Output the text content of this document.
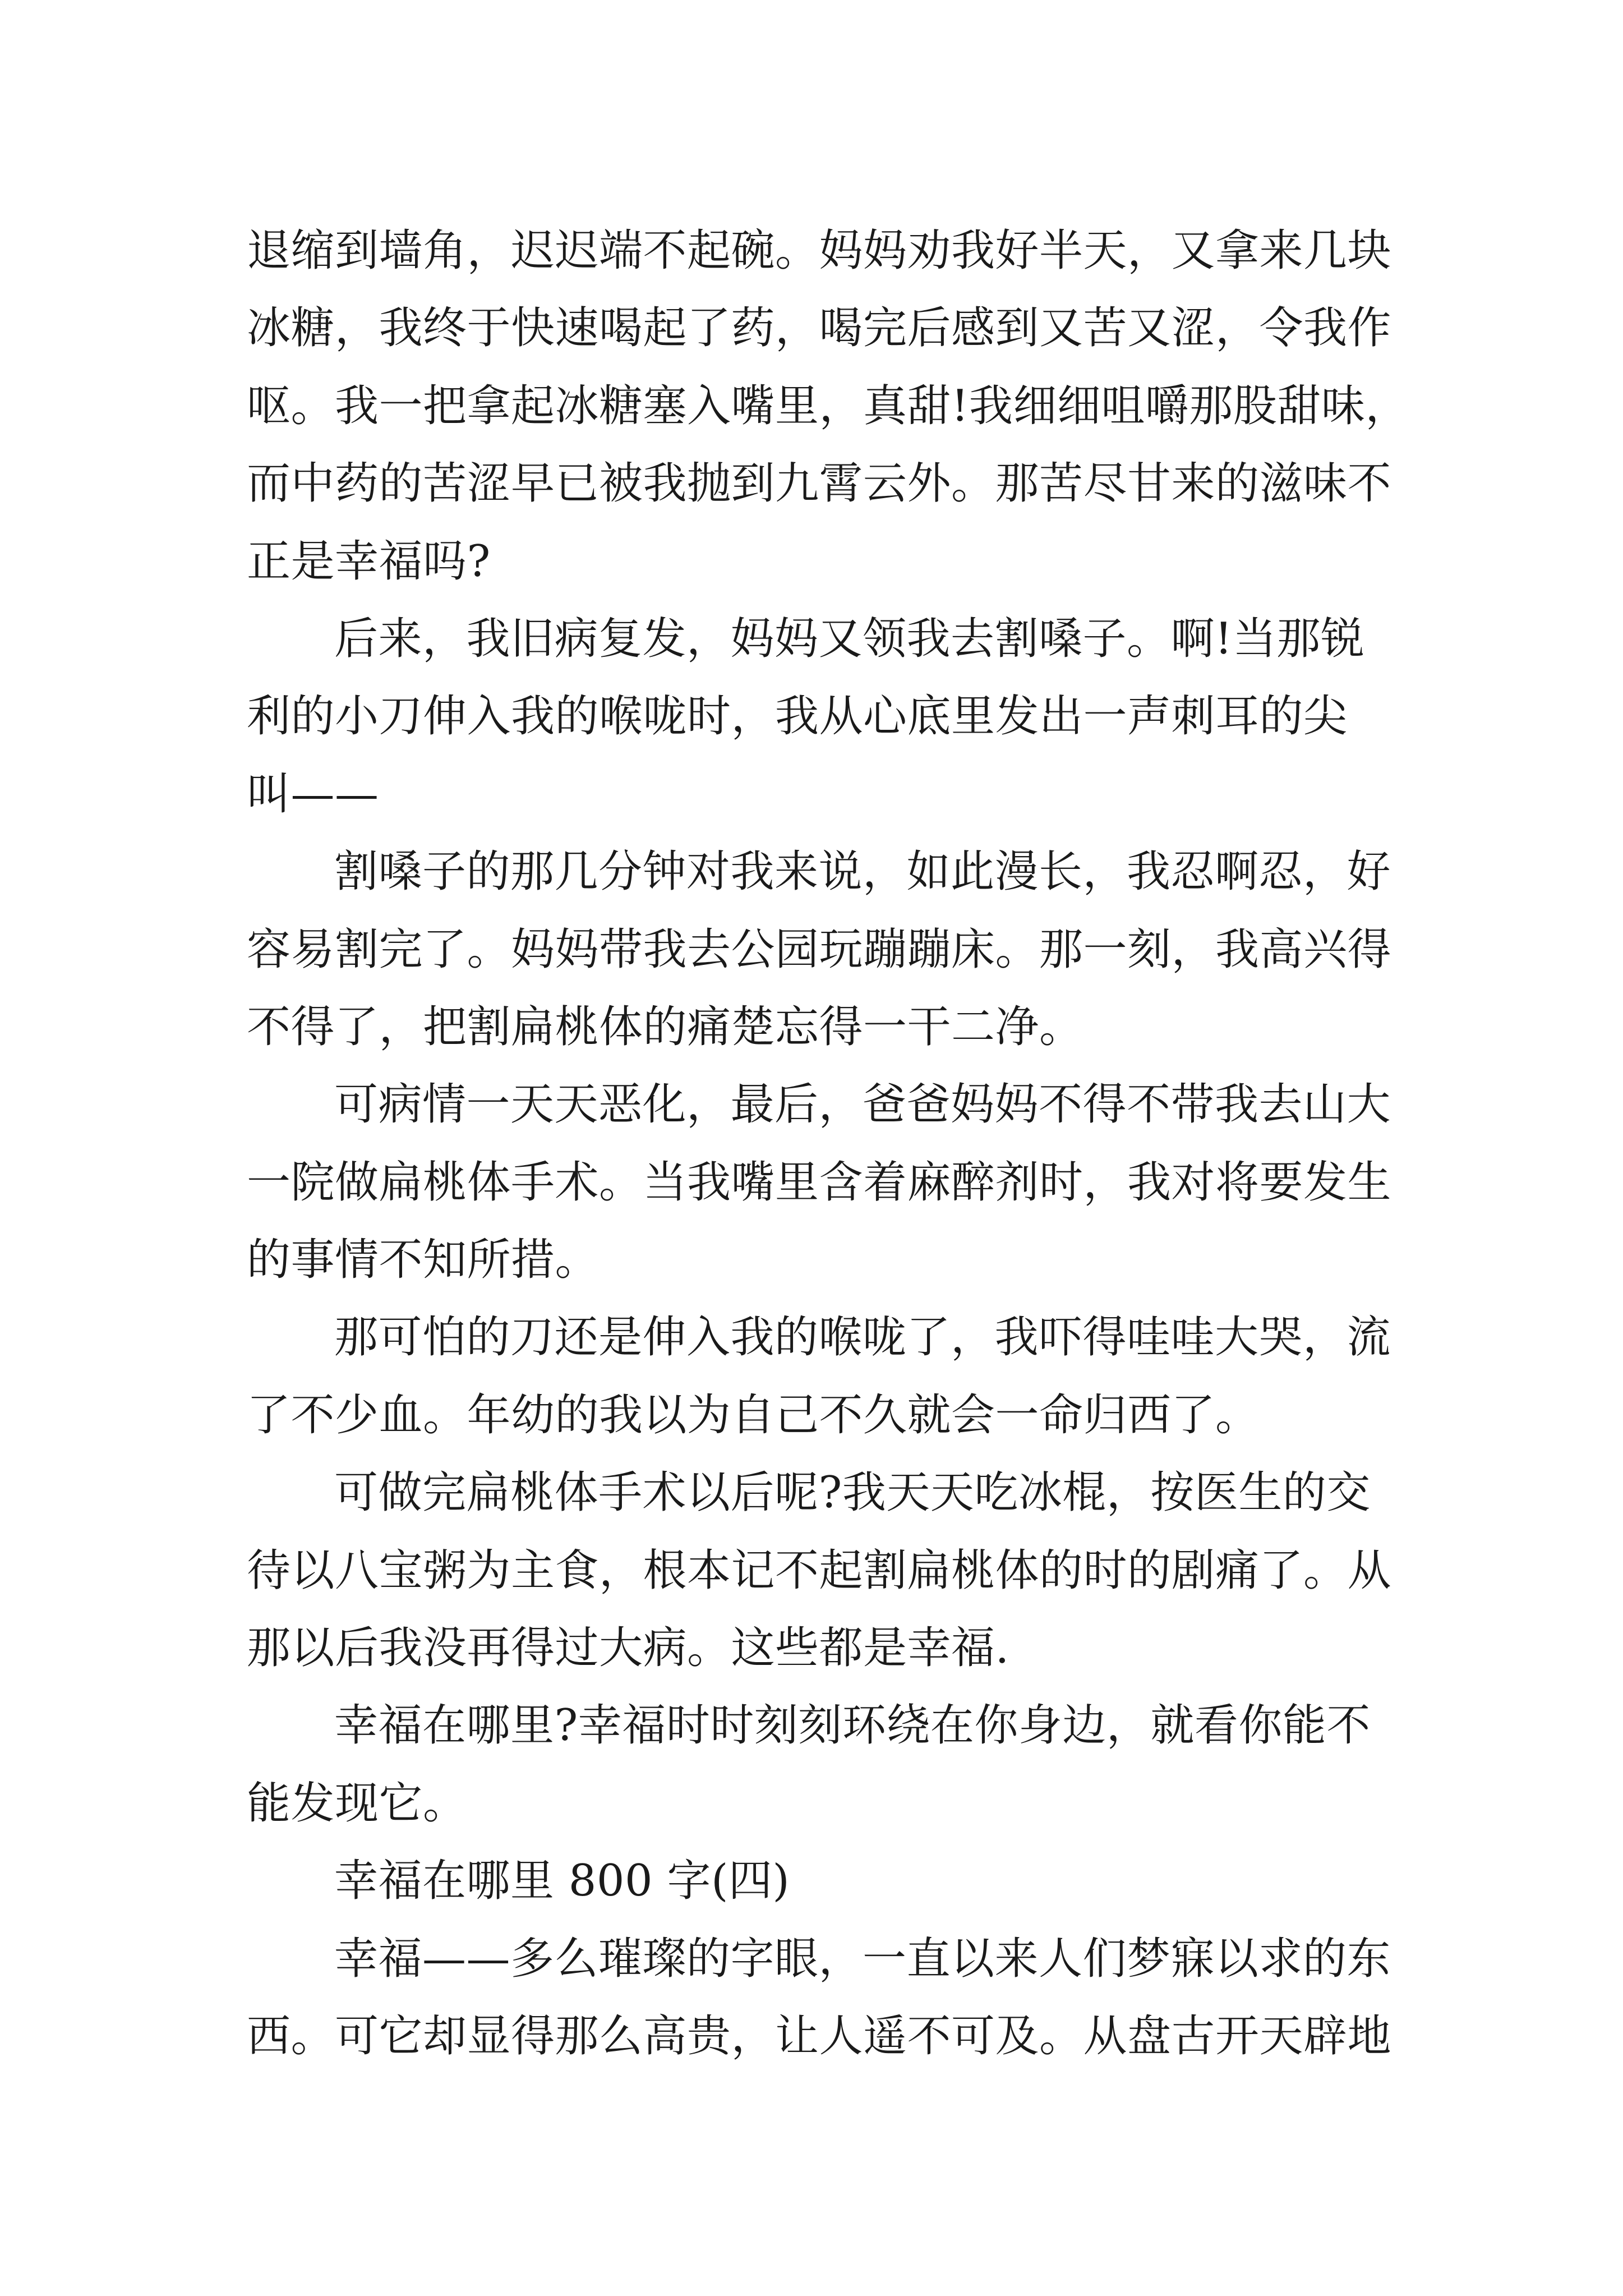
退缩到墙角，迟迟端不起碗。妈妈劝我好半天，又拿来几块
冰糖，我终于快速喝起了药，喝完后感到又苦又涩，令我作
呕。我一把拿起冰糖塞入嘴里，真甜!我细细咀嚼那股甜味，
而中药的苦涩早已被我抛到九霄云外。那苦尽甘来的滋味不
正是幸福吗?
后来，我旧病复发，妈妈又领我去割嗓子。啊!当那锐
利的小刀伸入我的喉咙时，我从心底里发出一声刺耳的尖
叫——
割嗓子的那几分钟对我来说，如此漫长，我忍啊忍，好
容易割完了。妈妈带我去公园玩蹦蹦床。那一刻，我高兴得
不得了，把割扁桃体的痛楚忘得一干二净。
可病情一天天恶化，最后，爸爸妈妈不得不带我去山大
一院做扁桃体手术。当我嘴里含着麻醉剂时，我对将要发生
的事情不知所措。
那可怕的刀还是伸入我的喉咙了，我吓得哇哇大哭，流
了不少血。年幼的我以为自己不久就会一命归西了。
可做完扁桃体手术以后呢?我天天吃冰棍，按医生的交
待以八宝粥为主食，根本记不起割扁桃体的时的剧痛了。从
那以后我没再得过大病。这些都是幸福.
幸福在哪里?幸福时时刻刻环绕在你身边，就看你能不
能发现它。
幸福在哪里 800 字(四)
幸福——多么璀璨的字眼，一直以来人们梦寐以求的东
西。可它却显得那么高贵，让人遥不可及。从盘古开天辟地
